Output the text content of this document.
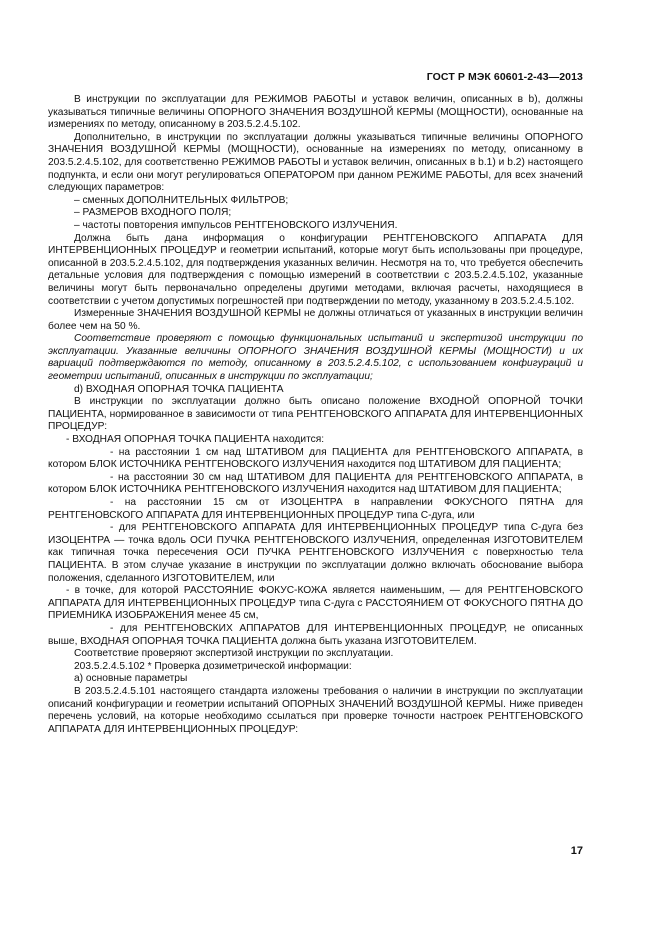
ГОСТ Р МЭК 60601-2-43—2013

В инструкции по эксплуатации для РЕЖИМОВ РАБОТЫ и уставок величин, описанных в b), должны указываться типичные величины ОПОРНОГО ЗНАЧЕНИЯ ВОЗДУШНОЙ КЕРМЫ (МОЩНОСТИ), основанные на измерениях по методу, описанному в 203.5.2.4.5.102.

Дополнительно, в инструкции по эксплуатации должны указываться типичные величины ОПОРНОГО ЗНАЧЕНИЯ ВОЗДУШНОЙ КЕРМЫ (МОЩНОСТИ), основанные на измерениях по методу, описанному в 203.5.2.4.5.102, для соответственно РЕЖИМОВ РАБОТЫ и уставок величин, описанных в b.1) и b.2) настоящего подпункта, и если они могут регулироваться ОПЕРАТОРОМ при данном РЕЖИМЕ РАБОТЫ, для всех значений следующих параметров:

– сменных ДОПОЛНИТЕЛЬНЫХ ФИЛЬТРОВ;

– РАЗМЕРОВ ВХОДНОГО ПОЛЯ;

– частоты повторения импульсов РЕНТГЕНОВСКОГО ИЗЛУЧЕНИЯ.

Должна быть дана информация о конфигурации РЕНТГЕНОВСКОГО АППАРАТА ДЛЯ ИНТЕРВЕНЦИОННЫХ ПРОЦЕДУР и геометрии испытаний, которые могут быть использованы при процедуре, описанной в 203.5.2.4.5.102, для подтверждения указанных величин. Несмотря на то, что требуется обеспечить детальные условия для подтверждения с помощью измерений в соответствии с 203.5.2.4.5.102, указанные величины могут быть первоначально определены другими методами, включая расчеты, находящиеся в соответствии с учетом допустимых погрешностей при подтверждении по методу, указанному в 203.5.2.4.5.102.

Измеренные ЗНАЧЕНИЯ ВОЗДУШНОЙ КЕРМЫ не должны отличаться от указанных в инструкции величин более чем на 50 %.

Соответствие проверяют с помощью функциональных испытаний и экспертизой инструкции по эксплуатации. Указанные величины ОПОРНОГО ЗНАЧЕНИЯ ВОЗДУШНОЙ КЕРМЫ (МОЩНОСТИ) и их вариаций подтверждаются по методу, описанному в 203.5.2.4.5.102, с использованием конфигураций и геометрии испытаний, описанных в инструкции по эксплуатации;

d) ВХОДНАЯ ОПОРНАЯ ТОЧКА ПАЦИЕНТА

В инструкции по эксплуатации должно быть описано положение ВХОДНОЙ ОПОРНОЙ ТОЧКИ ПАЦИЕНТА, нормированное в зависимости от типа РЕНТГЕНОВСКОГО АППАРАТА ДЛЯ ИНТЕРВЕНЦИОННЫХ ПРОЦЕДУР:

- ВХОДНАЯ ОПОРНАЯ ТОЧКА ПАЦИЕНТА находится:

- на расстоянии 1 см над ШТАТИВОМ для ПАЦИЕНТА для РЕНТГЕНОВСКОГО АППАРАТА, в котором БЛОК ИСТОЧНИКА РЕНТГЕНОВСКОГО ИЗЛУЧЕНИЯ находится под ШТАТИВОМ ДЛЯ ПАЦИЕНТА;

- на расстоянии 30 см над ШТАТИВОМ ДЛЯ ПАЦИЕНТА для РЕНТГЕНОВСКОГО АППАРАТА, в котором БЛОК ИСТОЧНИКА РЕНТГЕНОВСКОГО ИЗЛУЧЕНИЯ находится над ШТАТИВОМ ДЛЯ ПАЦИЕНТА;

- на расстоянии 15 см от ИЗОЦЕНТРА в направлении ФОКУСНОГО ПЯТНА для РЕНТГЕНОВСКОГО АППАРАТА ДЛЯ ИНТЕРВЕНЦИОННЫХ ПРОЦЕДУР типа С-дуга, или

- для РЕНТГЕНОВСКОГО АППАРАТА ДЛЯ ИНТЕРВЕНЦИОННЫХ ПРОЦЕДУР типа С-дуга без ИЗОЦЕНТРА — точка вдоль ОСИ ПУЧКА РЕНТГЕНОВСКОГО ИЗЛУЧЕНИЯ, определенная ИЗГОТОВИТЕЛЕМ как типичная точка пересечения ОСИ ПУЧКА РЕНТГЕНОВСКОГО ИЗЛУЧЕНИЯ с поверхностью тела ПАЦИЕНТА. В этом случае указание в инструкции по эксплуатации должно включать обоснование выбора положения, сделанного ИЗГОТОВИТЕЛЕМ, или

- в точке, для которой РАССТОЯНИЕ ФОКУС-КОЖА является наименьшим, — для РЕНТГЕНОВСКОГО АППАРАТА ДЛЯ ИНТЕРВЕНЦИОННЫХ ПРОЦЕДУР типа С-дуга с РАССТОЯНИЕМ ОТ ФОКУСНОГО ПЯТНА ДО ПРИЕМНИКА ИЗОБРАЖЕНИЯ менее 45 см,

- для РЕНТГЕНОВСКИХ АППАРАТОВ ДЛЯ ИНТЕРВЕНЦИОННЫХ ПРОЦЕДУР, не описанных выше, ВХОДНАЯ ОПОРНАЯ ТОЧКА ПАЦИЕНТА должна быть указана ИЗГОТОВИТЕЛЕМ.

Соответствие проверяют экспертизой инструкции по эксплуатации.

203.5.2.4.5.102 * Проверка дозиметрической информации:

а) основные параметры

В 203.5.2.4.5.101 настоящего стандарта изложены требования о наличии в инструкции по эксплуатации описаний конфигурации и геометрии испытаний ОПОРНЫХ ЗНАЧЕНИЙ ВОЗДУШНОЙ КЕРМЫ. Ниже приведен перечень условий, на которые необходимо ссылаться при проверке точности настроек РЕНТГЕНОВСКОГО АППАРАТА ДЛЯ ИНТЕРВЕНЦИОННЫХ ПРОЦЕДУР:

17
